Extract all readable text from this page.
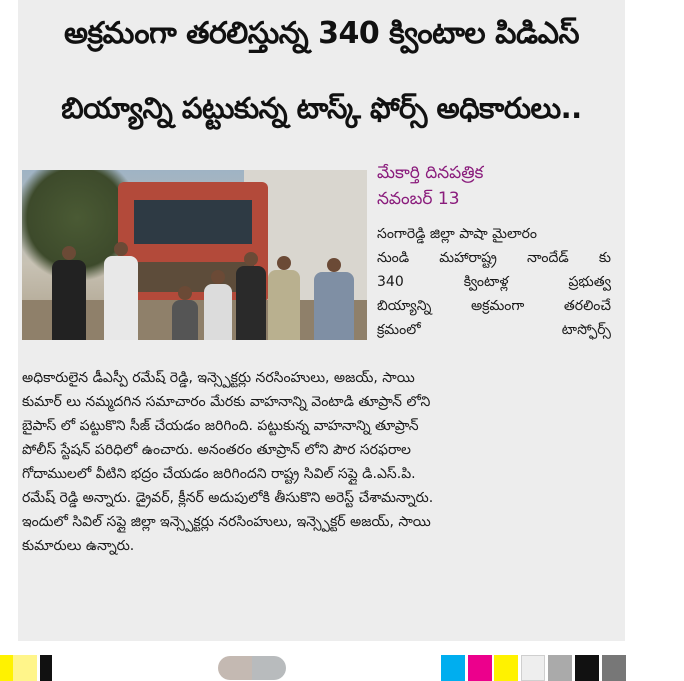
అక్రమంగా తరలిస్తున్న 340 క్వింటాల పిడిఎస్
బియ్యాన్ని పట్టుకున్న టాస్క్ ఫోర్స్ అధికారులు..
మేకార్తి దినపత్రిక
నవంబర్ 13
సంగారెడ్డి జిల్లా పాషా మైలారం
నుండి మహారాష్ట్ర నాందేడ్ కు
340 క్వింటాళ్ల ప్రభుత్వ
బియ్యాన్ని అక్రమంగా తరలించే
క్రమంలో టాస్ఫోర్స్
అధికారులైన డీఎస్పీ రమేష్ రెడ్డి, ఇన్స్పెక్టర్లు నరసింహులు, అజయ్, సాయి
కుమార్ లు నమ్మదగిన సమాచారం మేరకు వాహనాన్ని వెంటాడి తూప్రాన్ లోని
బైపాస్ లో పట్టుకొని సీజ్ చేయడం జరిగింది. పట్టుకున్న వాహనాన్ని తూప్రాన్
పోలీస్ స్టేషన్ పరిధిలో ఉంచారు. అనంతరం తూప్రాన్ లోని పౌర సరఫరాల
గోదాములలో వీటిని భద్రం చేయడం జరిగిందని రాష్ట్ర సివిల్ సప్లై డి.ఎస్.పి.
రమేష్ రెడ్డి అన్నారు. డ్రైవర్, క్లీనర్ అదుపులోకి తీసుకొని అరెస్ట్ చేశామన్నారు.
ఇందులో సివిల్ సప్లై జిల్లా ఇన్స్పెక్టర్లు నరసింహులు, ఇన్స్పెక్టర్ అజయ్, సాయి
కుమారులు ఉన్నారు.
